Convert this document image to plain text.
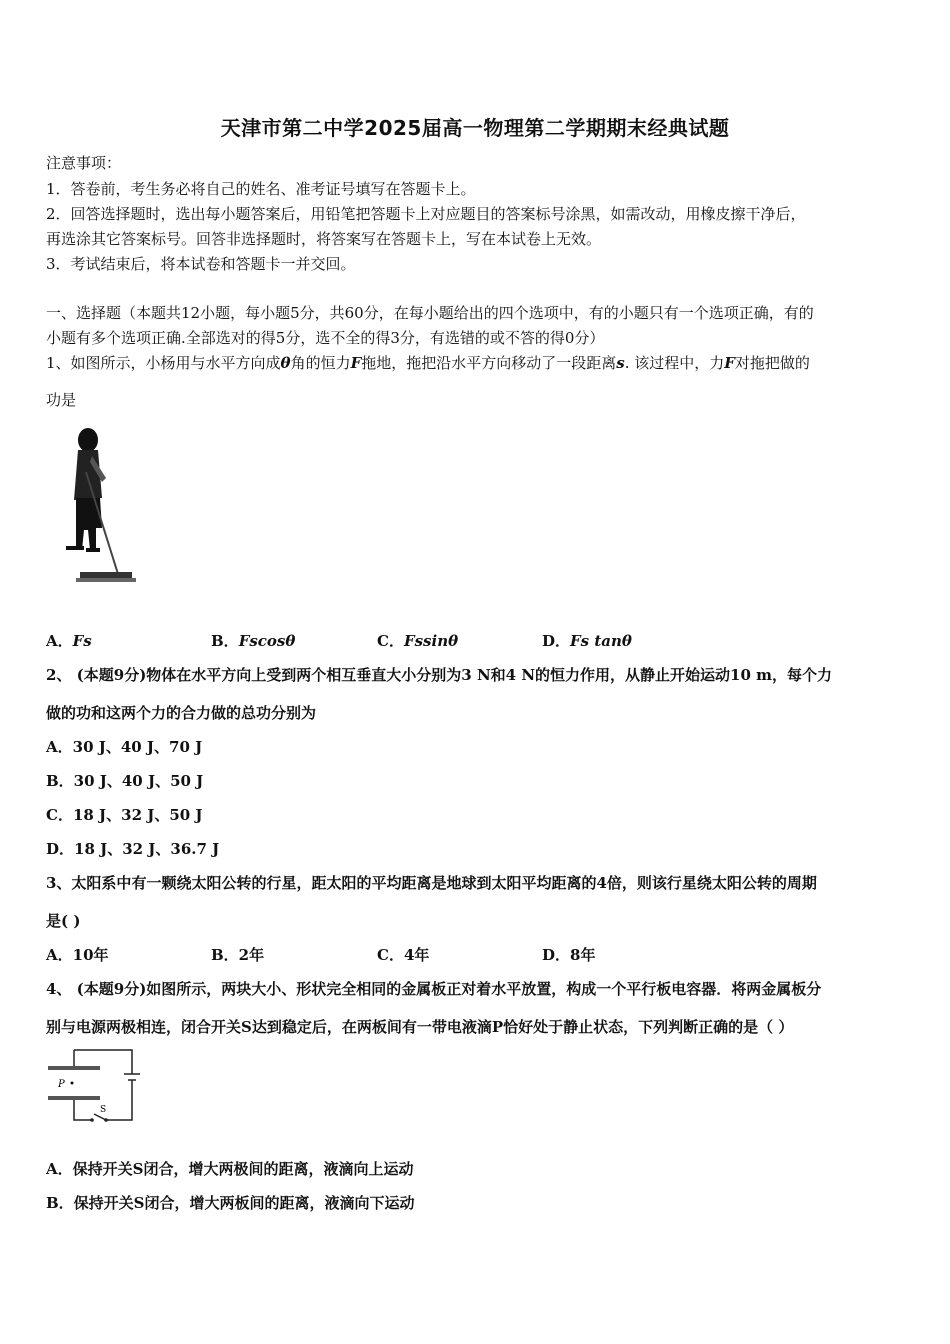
天津市第二中学2025届高一物理第二学期期末经典试题
注意事项：
1．答卷前，考生务必将自己的姓名、准考证号填写在答题卡上。
2．回答选择题时，选出每小题答案后，用铅笔把答题卡上对应题目的答案标号涂黑，如需改动，用橡皮擦干净后，
再选涂其它答案标号。回答非选择题时，将答案写在答题卡上，写在本试卷上无效。
3．考试结束后，将本试卷和答题卡一并交回。
一、选择题（本题共12小题，每小题5分，共60分，在每小题给出的四个选项中，有的小题只有一个选项正确，有的
小题有多个选项正确.全部选对的得5分，选不全的得3分，有选错的或不答的得0分）
1、如图所示，小杨用与水平方向成θ角的恒力F拖地，拖把沿水平方向移动了一段距离s. 该过程中，力F对拖把做的
功是
A．Fs	B．Fscosθ	C．Fssinθ	D．Fs tanθ
2、 (本题9分)物体在水平方向上受到两个相互垂直大小分别为3 N和4 N的恒力作用，从静止开始运动10 m，每个力
做的功和这两个力的合力做的总功分别为
A．30 J、40 J、70 J
B．30 J、40 J、50 J
C．18 J、32 J、50 J
D．18 J、32 J、36.7 J
3、太阳系中有一颗绕太阳公转的行星，距太阳的平均距离是地球到太阳平均距离的4倍，则该行星绕太阳公转的周期
是( )
A．10年	B．2年	C．4年	D．8年
4、 (本题9分)如图所示，两块大小、形状完全相同的金属板正对着水平放置，构成一个平行板电容器．将两金属板分
别与电源两极相连，闭合开关S达到稳定后，在两板间有一带电液滴P恰好处于静止状态，下列判断正确的是（ ）
P
S
A．保持开关S闭合，增大两极间的距离，液滴向上运动
B．保持开关S闭合，增大两板间的距离，液滴向下运动
